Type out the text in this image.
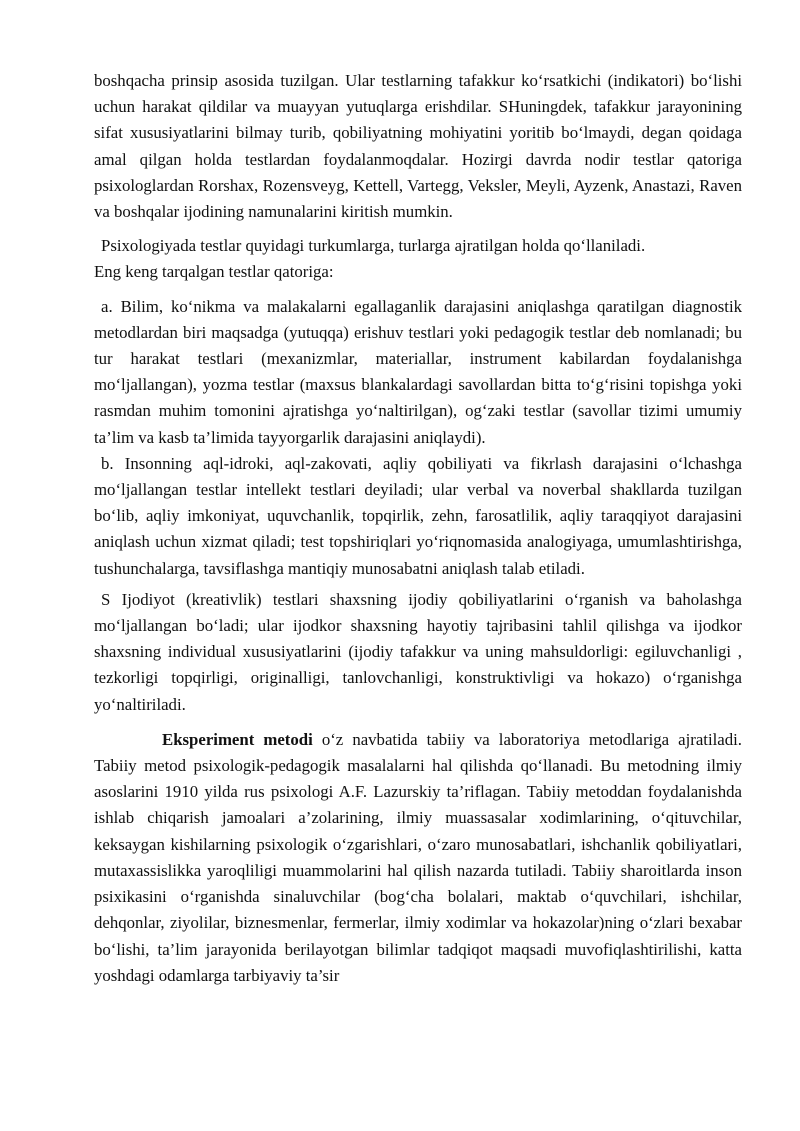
boshqacha prinsip asosida tuzilgan. Ular testlarning tafakkur ko‘rsatkichi (indikatori) bo‘lishi uchun harakat qildilar va muayyan yutuqlarga erishdilar. SHuningdek, tafakkur jarayonining sifat xususiyatlarini bilmay turib, qobiliyatning mohiyatini yoritib bo‘lmaydi, degan qoidaga amal qilgan holda testlardan foydalanmoqdalar. Hozirgi davrda nodir testlar qatoriga psixologlardan Rorshax, Rozensveyg, Kettell, Vartegg, Veksler, Meyli, Ayzenk, Anastazi, Raven va boshqalar ijodining namunalarini kiritish mumkin.

Psixologiyada testlar quyidagi turkumlarga, turlarga ajratilgan holda qo‘llaniladi.

Eng keng tarqalgan testlar qatoriga:

a. Bilim, ko‘nikma va malakalarni egallaganlik darajasini aniqlashga qaratilgan diagnostik metodlardan biri maqsadga (yutuqqa) erishuv testlari yoki pedagogik testlar deb nomlanadi; bu tur harakat testlari (mexanizmlar, materiallar, instrument kabilardan foydalanishga mo‘ljallangan), yozma testlar (maxsus blankalardagi savollardan bitta to‘g‘risini topishga yoki rasmdan muhim tomonini ajratishga yo‘naltirilgan), og‘zaki testlar (savollar tizimi umumiy ta’lim va kasb ta’limida tayyorgarlik darajasini aniqlaydi).

b. Insonning aql-idroki, aql-zakovati, aqliy qobiliyati va fikrlash darajasini o‘lchashga mo‘ljallangan testlar intellekt testlari deyiladi; ular verbal va noverbal shakllarda tuzilgan bo‘lib, aqliy imkoniyat, uquvchanlik, topqirlik, zehn, farosatlilik, aqliy taraqqiyot darajasini aniqlash uchun xizmat qiladi; test topshiriqlari yo‘riqnomasida analogiyaga, umumlashtirishga, tushunchalarga, tavsiflashga mantiqiy munosabatni aniqlash talab etiladi.

S Ijodiyot (kreativlik) testlari shaxsning ijodiy qobiliyatlarini o‘rganish va baholashga mo‘ljallangan bo‘ladi; ular ijodkor shaxsning hayotiy tajribasini tahlil qilishga va ijodkor shaxsning individual xususiyatlarini (ijodiy tafakkur va uning mahsuldorligi: egiluvchanligi , tezkorligi topqirligi, originalligi, tanlovchanligi, konstruktivligi va hokazo) o‘rganishga yo‘naltiriladi.

Eksperiment metodi o‘z navbatida tabiiy va laboratoriya metodlariga ajratiladi. Tabiiy metod psixologik-pedagogik masalalarni hal qilishda qo‘llanadi. Bu metodning ilmiy asoslarini 1910 yilda rus psixologi A.F. Lazurskiy ta’riflagan. Tabiiy metoddan foydalanishda ishlab chiqarish jamoalari a’zolarining, ilmiy muassasalar xodimlarining, o‘qituvchilar, keksaygan kishilarning psixologik o‘zgarishlari, o‘zaro munosabatlari, ishchanlik qobiliyatlari, mutaxassislikka yaroqliligi muammolarini hal qilish nazarda tutiladi. Tabiiy sharoitlarda inson psixikasini o‘rganishda sinaluvchilar (bog‘cha bolalari, maktab o‘quvchilari, ishchilar, dehqonlar, ziyolilar, biznesmenlar, fermerlar, ilmiy xodimlar va hokazolar)ning o‘zlari bexabar bo‘lishi, ta’lim jarayonida berilayotgan bilimlar tadqiqot maqsadi muvofiqlashtirilishi, katta yoshdagi odamlarga tarbiyaviy ta’sir
